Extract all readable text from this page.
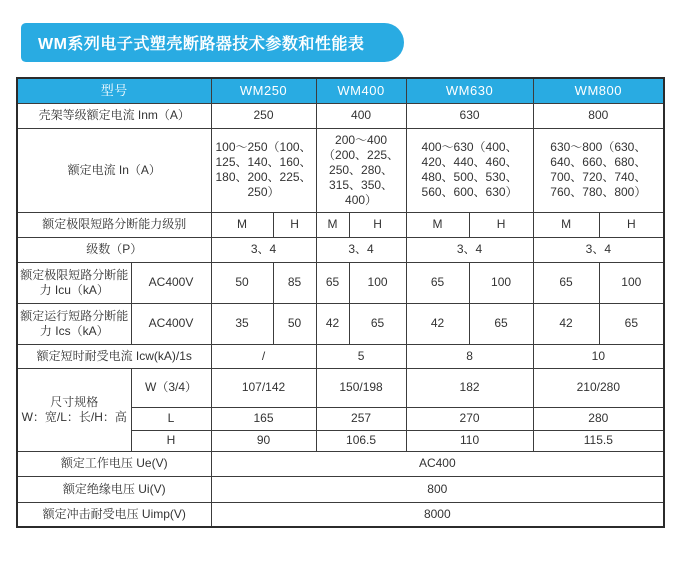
WM系列电子式塑壳断路器技术参数和性能表
型号		WM250		WM400		WM630		WM800	
壳架等级额定电流 Inm（A）		250		400		630		800	
额定电流 In（A）		100～250（100、125、140、160、180、200、225、250）		200～400（200、225、250、280、315、350、400）		400～630（400、420、440、460、480、500、530、560、600、630）		630～800（630、640、660、680、700、720、740、760、780、800）	
额定极限短路分断能力级别		M	H	M	H	M	H	M	H
级数（P）		3、4		3、4		3、4		3、4	
额定极限短路分断能力 Icu（kA）	AC400V	50	85	65	100	65	100	65	100
额定运行短路分断能力 Ics（kA）	AC400V	35	50	42	65	42	65	42	65
额定短时耐受电流 Icw(kA)/1s		/		5		8		10	

尺寸规格
W：宽/L：长/H：高	W（3/4）	107/142		150/198		182		210/280	
	L	165		257		270		280	
	H	90		106.5		110		115.5	
额定工作电压 Ue(V)		AC400							
额定绝缘电压 Ui(V)		800							
额定冲击耐受电压 Uimp(V)		8000							
